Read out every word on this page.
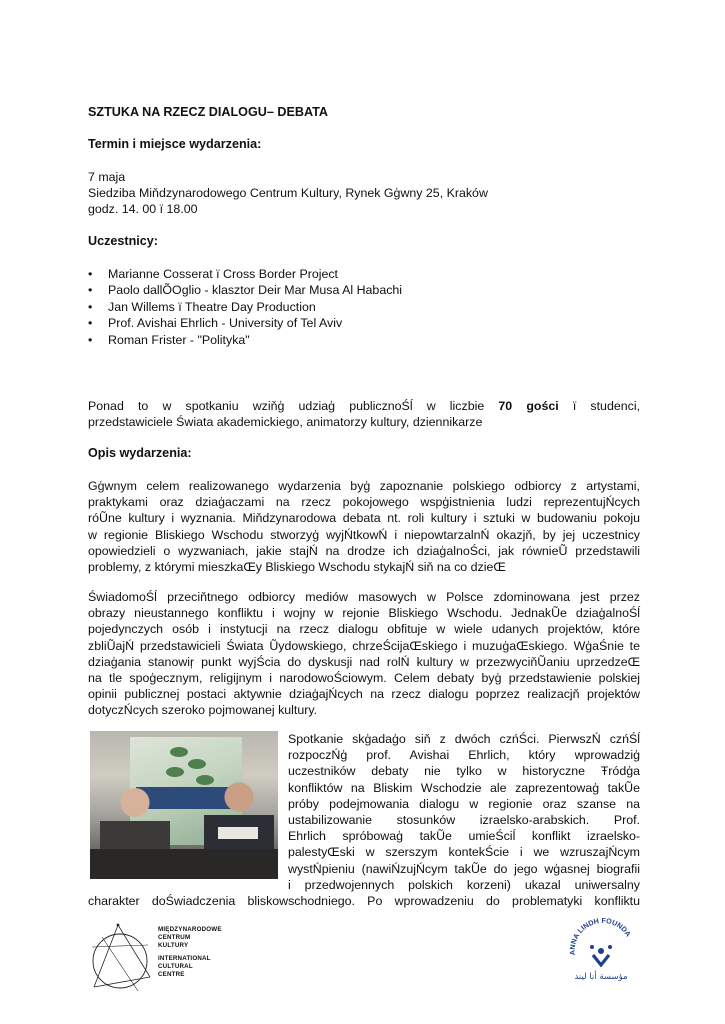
SZTUKA NA RZECZ DIALOGU– DEBATA
Termin i miejsce wydarzenia:
7 maja
Siedziba Miňdzynarodowego Centrum Kultury, Rynek Gģwny 25, Kraków
godz. 14. 00 ï 18.00
Uczestnicy:
• Marianne Cosserat ï Cross Border Project
• Paolo dallÕOglio - klasztor Deir Mar Musa Al Habachi
• Jan Willems ï Theatre Day Production
• Prof. Avishai Ehrlich - University of Tel Aviv
• Roman Frister - "Polityka"
Ponad to w spotkaniu wziňģ udziaģ publicznoŚĺ w liczbie 70 gości ï studenci,
przedstawiciele Świata akademickiego, animatorzy kultury, dziennikarze
Opis wydarzenia:
Gģwnym celem realizowanego wydarzenia byģ zapoznanie polskiego odbiorcy z artystami,
praktykami oraz dziaģaczami na rzecz pokojowego wspģistnienia ludzi reprezentujŃcych
róŨne kultury i wyznania. Miňdzynarodowa debata nt. roli kultury i sztuki w budowaniu pokoju
w regionie Bliskiego Wschodu stworzyģ wyjŃtkowŃ i niepowtarzalnŃ okazjň, by jej uczestnicy
opowiedzieli o wyzwaniach, jakie stajŃ na drodze ich dziaģalnoŚci, jak równieŨ przedstawili
problemy, z którymi mieszkaŒy Bliskiego Wschodu stykajŃ siň na co dzieŒ
ŚwiadomoŚĺ przeciňtnego odbiorcy mediów masowych w Polsce zdominowana jest przez
obrazy nieustannego konfliktu i wojny w rejonie Bliskiego Wschodu. JednakŨe dziaģalnoŚĺ
pojedynczych osób i instytucji na rzecz dialogu obfituje w wiele udanych projektów, które
zbliŨajŃ przedstawicieli Świata Ũydowskiego, chrzeŚcijaŒskiego i muzuģaŒskiego. WģaŚnie te
dziaģania stanowiŗ punkt wyjŚcia do dyskusji nad rolŃ kultury w przezwyciňŨaniu uprzedzeŒ
na tle spoģecznym, religijnym i narodowoŚciowym. Celem debaty byģ przedstawienie polskiej
opinii publicznej postaci aktywnie dziaģajŃcych na rzecz dialogu poprzez realizacjň projektów
dotyczŃcych szeroko pojmowanej kultury.
Spotkanie skģadaģo siň z dwóch czńŚci. PierwszŃ czńŚĺ
rozpoczŃģ prof. Avishai Ehrlich, który wprowadziģ
uczestników debaty nie tylko w historyczne Ŧródģa
konfliktów na Bliskim Wschodzie ale zaprezentowaģ takŨe
próby podejmowania dialogu w regionie oraz szanse na
ustabilizowanie stosunków izraelsko-arabskich. Prof.
Ehrlich spróbowaģ takŨe umieŚciĺ konflikt izraelsko-
palestyŒski w szerszym kontekŚcie i we wzruszajŃcym
wystŃpieniu (nawiŃzujŃcym takŨe do jego wģasnej biografii
i przedwojennych polskich korzeni) ukazal uniwersalny
charakter doŚwiadczenia bliskowschodniego. Po wprowadzeniu do problematyki konfliktu
MIĘDZYNARODOWE
CENTRUM
KULTURY
INTERNATIONAL
CULTURAL
CENTRE
ANNA LINDH FOUNDA
مؤسسة أنا ليند
